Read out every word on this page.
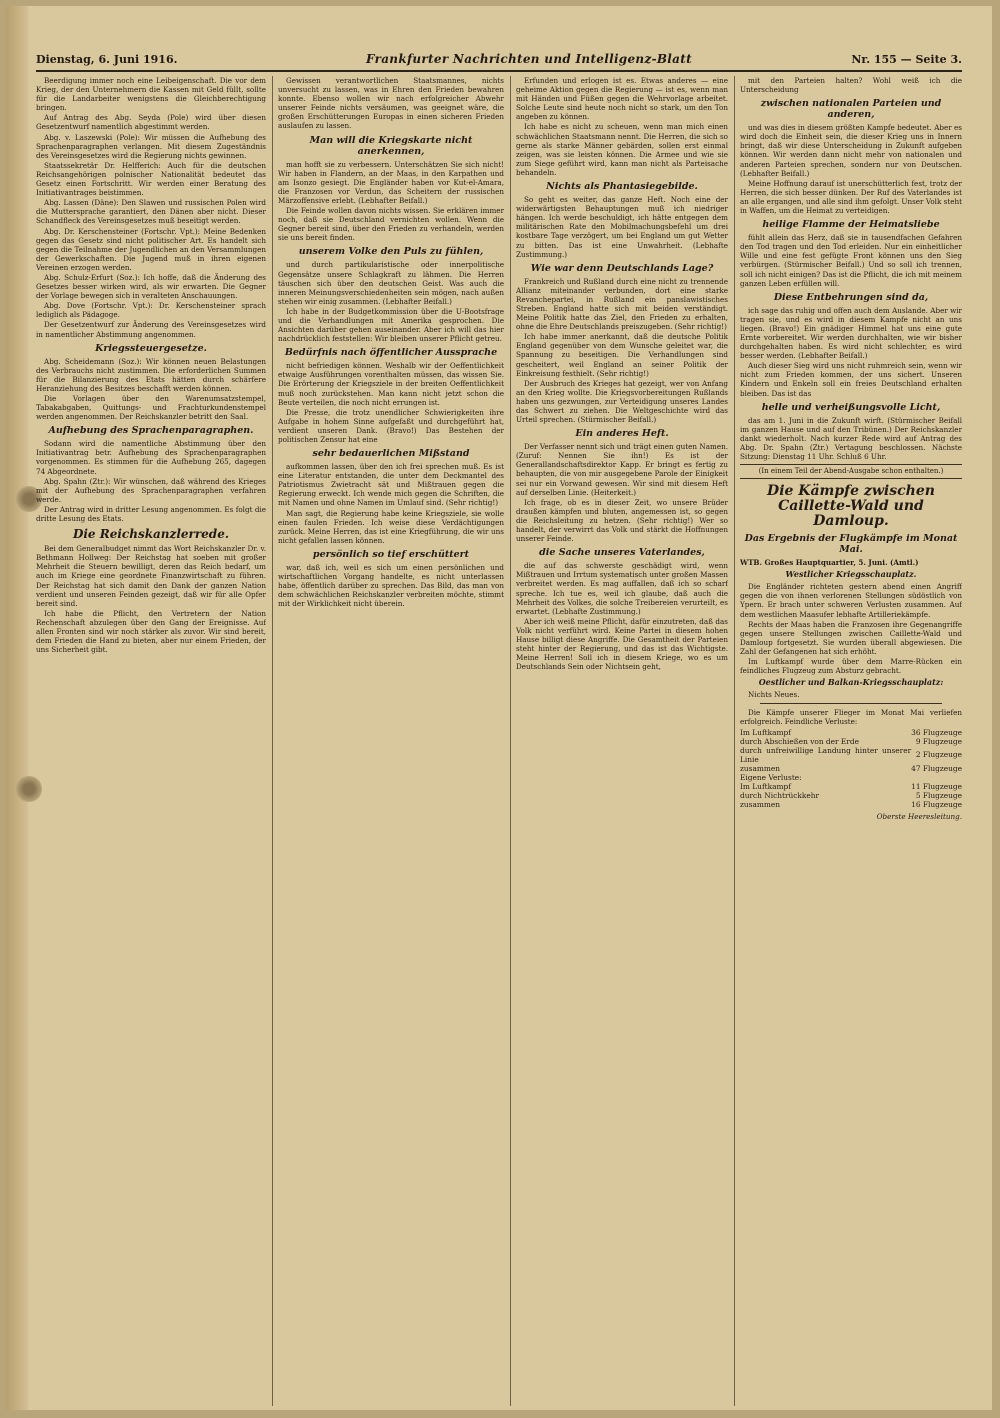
Dienstag, 6. Juni 1916.	Frankfurter Nachrichten und Intelligenz-Blatt	Nr. 155 — Seite 3.

Beerdigung immer noch eine Leibeigenschaft. Die vor dem Krieg, der den Unternehmern die Kassen mit Geld füllt, sollte für die Landarbeiter wenigstens die Gleichberechtigung bringen.

Auf Antrag des Abg. Seyda (Pole) wird über diesen Gesetzentwurf namentlich abgestimmt werden.

Abg. v. Laszewski (Pole): Wir müssen die Aufhebung des Sprachenparagraphen verlangen. Mit diesem Zugeständnis des Vereinsgesetzes wird die Regierung nichts gewinnen.

Staatssekretär Dr. Helfferich: Auch für die deutschen Reichsangehörigen polnischer Nationalität bedeutet das Gesetz einen Fortschritt. Wir werden einer Beratung des Initiativantrages beistimmen.

Abg. Lassen (Däne): Den Slawen und russischen Polen wird die Muttersprache garantiert, den Dänen aber nicht. Dieser Schandfleck des Vereinsgesetzes muß beseitigt werden.

Abg. Dr. Kerschensteiner (Fortschr. Vpt.): Meine Bedenken gegen das Gesetz sind nicht politischer Art. Es handelt sich gegen die Teilnahme der Jugendlichen an den Versammlungen der Gewerkschaften. Die Jugend muß in ihren eigenen Vereinen erzogen werden.

Abg. Schulz-Erfurt (Soz.): Ich hoffe, daß die Änderung des Gesetzes besser wirken wird, als wir erwarten. Die Gegner der Vorlage bewegen sich in veralteten Anschauungen.

Abg. Dove (Fortschr. Vpt.): Dr. Kerschensteiner sprach lediglich als Pädagoge.

Der Gesetzentwurf zur Änderung des Vereinsgesetzes wird in namentlicher Abstimmung angenommen.

Kriegssteuergesetze.

Abg. Scheidemann (Soz.): Wir können neuen Belastungen des Verbrauchs nicht zustimmen. Die erforderlichen Summen für die Bilanzierung des Etats hätten durch schärfere Heranziehung des Besitzes beschafft werden können.

Die Vorlagen über den Warenumsatzstempel, Tabakabgaben, Quittungs- und Frachturkundenstempel werden angenommen. Der Reichskanzler betritt den Saal.

Aufhebung des Sprachenparagraphen.

Sodann wird die namentliche Abstimmung über den Initiativantrag betr. Aufhebung des Sprachenparagraphen vorgenommen. Es stimmen für die Aufhebung 265, dagegen 74 Abgeordnete.

Abg. Spahn (Ztr.): Wir wünschen, daß während des Krieges mit der Aufhebung des Sprachenparagraphen verfahren werde.

Der Antrag wird in dritter Lesung angenommen. Es folgt die dritte Lesung des Etats.

Die Reichskanzlerrede.

Bei dem Generalbudget nimmt das Wort Reichskanzler Dr. v. Bethmann Hollweg: Der Reichstag hat soeben mit großer Mehrheit die Steuern bewilligt, deren das Reich bedarf, um auch im Kriege eine geordnete Finanzwirtschaft zu führen. Der Reichstag hat sich damit den Dank der ganzen Nation verdient und unseren Feinden gezeigt, daß wir für alle Opfer bereit sind.

Ich habe die Pflicht, den Vertretern der Nation Rechenschaft abzulegen über den Gang der Ereignisse. Auf allen Fronten sind wir noch stärker als zuvor. Wir sind bereit, dem Frieden die Hand zu bieten, aber nur einem Frieden, der uns Sicherheit gibt.

Gewissen verantwortlichen Staatsmannes, nichts unversucht zu lassen, was in Ehren den Frieden bewahren konnte. Ebenso wollen wir nach erfolgreicher Abwehr unserer Feinde nichts versäumen, was geeignet wäre, die großen Erschütterungen Europas in einen sicheren Frieden auslaufen zu lassen.

Man will die Kriegskarte nicht anerkennen,

man hofft sie zu verbessern. Unterschätzen Sie sich nicht! Wir haben in Flandern, an der Maas, in den Karpathen und am Isonzo gesiegt. Die Engländer haben vor Kut-el-Amara, die Franzosen vor Verdun, das Scheitern der russischen Märzoffensive erlebt. (Lebhafter Beifall.)

Die Feinde wollen davon nichts wissen. Sie erklären immer noch, daß sie Deutschland vernichten wollen. Wenn die Gegner bereit sind, über den Frieden zu verhandeln, werden sie uns bereit finden.

unserem Volke den Puls zu fühlen,

und durch partikularistische oder innerpolitische Gegensätze unsere Schlagkraft zu lähmen. Die Herren täuschen sich über den deutschen Geist. Was auch die inneren Meinungsverschiedenheiten sein mögen, nach außen stehen wir einig zusammen. (Lebhafter Beifall.)

Ich habe in der Budgetkommission über die U-Bootsfrage und die Verhandlungen mit Amerika gesprochen. Die Ansichten darüber gehen auseinander. Aber ich will das hier nachdrücklich feststellen: Wir bleiben unserer Pflicht getreu.

Bedürfnis nach öffentlicher Aussprache

nicht befriedigen können. Weshalb wir der Oeffentlichkeit etwaige Ausführungen vorenthalten müssen, das wissen Sie. Die Erörterung der Kriegsziele in der breiten Oeffentlichkeit muß noch zurückstehen. Man kann nicht jetzt schon die Beute verteilen, die noch nicht errungen ist.

Die Presse, die trotz unendlicher Schwierigkeiten ihre Aufgabe in hohem Sinne aufgefaßt und durchgeführt hat, verdient unseren Dank. (Bravo!) Das Bestehen der politischen Zensur hat eine

sehr bedauerlichen Mißstand

aufkommen lassen, über den ich frei sprechen muß. Es ist eine Literatur entstanden, die unter dem Deckmantel des Patriotismus Zwietracht sät und Mißtrauen gegen die Regierung erweckt. Ich wende mich gegen die Schriften, die mit Namen und ohne Namen im Umlauf sind. (Sehr richtig!)

Man sagt, die Regierung habe keine Kriegsziele, sie wolle einen faulen Frieden. Ich weise diese Verdächtigungen zurück. Meine Herren, das ist eine Kriegführung, die wir uns nicht gefallen lassen können.

persönlich so tief erschüttert

war, daß ich, weil es sich um einen persönlichen und wirtschaftlichen Vorgang handelte, es nicht unterlassen habe, öffentlich darüber zu sprechen. Das Bild, das man von dem schwächlichen Reichskanzler verbreiten möchte, stimmt mit der Wirklichkeit nicht überein.

Erfunden und erlogen ist es. Etwas anderes — eine geheime Aktion gegen die Regierung — ist es, wenn man mit Händen und Füßen gegen die Wehrvorlage arbeitet. Solche Leute sind heute noch nicht so stark, um den Ton angeben zu können.

Ich habe es nicht zu scheuen, wenn man mich einen schwächlichen Staatsmann nennt. Die Herren, die sich so gerne als starke Männer gebärden, sollen erst einmal zeigen, was sie leisten können. Die Armee und wie sie zum Siege geführt wird, kann man nicht als Parteisache behandeln.

Nichts als Phantasiegebilde.

So geht es weiter, das ganze Heft. Noch eine der widerwärtigsten Behauptungen muß ich niedriger hängen. Ich werde beschuldigt, ich hätte entgegen dem militärischen Rate den Mobilmachungsbefehl um drei kostbare Tage verzögert, um bei England um gut Wetter zu bitten. Das ist eine Unwahrheit. (Lebhafte Zustimmung.)

Wie war denn Deutschlands Lage?

Frankreich und Rußland durch eine nicht zu trennende Allianz miteinander verbunden, dort eine starke Revanchepartei, in Rußland ein panslawistisches Streben. England hatte sich mit beiden verständigt. Meine Politik hatte das Ziel, den Frieden zu erhalten, ohne die Ehre Deutschlands preiszugeben. (Sehr richtig!)

Ich habe immer anerkannt, daß die deutsche Politik England gegenüber von dem Wunsche geleitet war, die Spannung zu beseitigen. Die Verhandlungen sind gescheitert, weil England an seiner Politik der Einkreisung festhielt. (Sehr richtig!)

Der Ausbruch des Krieges hat gezeigt, wer von Anfang an den Krieg wollte. Die Kriegsvorbereitungen Rußlands haben uns gezwungen, zur Verteidigung unseres Landes das Schwert zu ziehen. Die Weltgeschichte wird das Urteil sprechen. (Stürmischer Beifall.)

Ein anderes Heft.

Der Verfasser nennt sich und trägt einen guten Namen. (Zuruf: Nennen Sie ihn!) Es ist der Generallandschaftsdirektor Kapp. Er bringt es fertig zu behaupten, die von mir ausgegebene Parole der Einigkeit sei nur ein Vorwand gewesen. Wir sind mit diesem Heft auf derselben Linie. (Heiterkeit.)

Ich frage, ob es in dieser Zeit, wo unsere Brüder draußen kämpfen und bluten, angemessen ist, so gegen die Reichsleitung zu hetzen. (Sehr richtig!) Wer so handelt, der verwirrt das Volk und stärkt die Hoffnungen unserer Feinde.

die Sache unseres Vaterlandes,

die auf das schwerste geschädigt wird, wenn Mißtrauen und Irrtum systematisch unter großen Massen verbreitet werden. Es mag auffallen, daß ich so scharf spreche. Ich tue es, weil ich glaube, daß auch die Mehrheit des Volkes, die solche Treibereien verurteilt, es erwartet. (Lebhafte Zustimmung.)

Aber ich weiß meine Pflicht, dafür einzutreten, daß das Volk nicht verführt wird. Keine Partei in diesem hohen Hause billigt diese Angriffe. Die Gesamtheit der Parteien steht hinter der Regierung, und das ist das Wichtigste. Meine Herren! Soll ich in diesem Kriege, wo es um Deutschlands Sein oder Nichtsein geht,

mit den Parteien halten? Wohl weiß ich die Unterscheidung

zwischen nationalen Parteien und anderen,

und was dies in diesem größten Kampfe bedeutet. Aber es wird doch die Einheit sein, die dieser Krieg uns in Innern bringt, daß wir diese Unterscheidung in Zukunft aufgeben können. Wir werden dann nicht mehr von nationalen und anderen Parteien sprechen, sondern nur von Deutschen. (Lebhafter Beifall.)

Meine Hoffnung darauf ist unerschütterlich fest, trotz der Herren, die sich besser dünken. Der Ruf des Vaterlandes ist an alle ergangen, und alle sind ihm gefolgt. Unser Volk steht in Waffen, um die Heimat zu verteidigen.

heilige Flamme der Heimatsliebe

fühlt allein das Herz, daß sie in tausendfachen Gefahren den Tod tragen und den Tod erleiden. Nur ein einheitlicher Wille und eine fest gefügte Front können uns den Sieg verbürgen. (Stürmischer Beifall.) Und so soll ich trennen, soll ich nicht einigen? Das ist die Pflicht, die ich mit meinem ganzen Leben erfüllen will.

Diese Entbehrungen sind da,

ich sage das ruhig und offen auch dem Auslande. Aber wir tragen sie, und es wird in diesem Kampfe nicht an uns liegen. (Bravo!) Ein gnädiger Himmel hat uns eine gute Ernte vorbereitet. Wir werden durchhalten, wie wir bisher durchgehalten haben. Es wird nicht schlechter, es wird besser werden. (Lebhafter Beifall.)

Auch dieser Sieg wird uns nicht ruhmreich sein, wenn wir nicht zum Frieden kommen, der uns sichert. Unseren Kindern und Enkeln soll ein freies Deutschland erhalten bleiben. Das ist das

helle und verheißungsvolle Licht,

das am 1. Juni in die Zukunft wirft. (Stürmischer Beifall im ganzen Hause und auf den Tribünen.) Der Reichskanzler dankt wiederholt. Nach kurzer Rede wird auf Antrag des Abg. Dr. Spahn (Ztr.) Vertagung beschlossen. Nächste Sitzung: Dienstag 11 Uhr. Schluß 6 Uhr.

(In einem Teil der Abend-Ausgabe schon enthalten.)
Die Kämpfe zwischen Caillette-Wald und Damloup.
Das Ergebnis der Flugkämpfe im Monat Mai.

WTB. Großes Hauptquartier, 5. Juni. (Amtl.)

Westlicher Kriegsschauplatz.

Die Engländer richteten gestern abend einen Angriff gegen die von ihnen verlorenen Stellungen südöstlich von Ypern. Er brach unter schweren Verlusten zusammen. Auf dem westlichen Maasufer lebhafte Artilleriekämpfe.

Rechts der Maas haben die Franzosen ihre Gegenangriffe gegen unsere Stellungen zwischen Caillette-Wald und Damloup fortgesetzt. Sie wurden überall abgewiesen. Die Zahl der Gefangenen hat sich erhöht.

Im Luftkampf wurde über dem Marre-Rücken ein feindliches Flugzeug zum Absturz gebracht.

Oestlicher und Balkan-Kriegsschauplatz:

Nichts Neues.

Die Kämpfe unserer Flieger im Monat Mai verliefen erfolgreich. Feindliche Verluste:

Im Luftkampf	36 Flugzeuge
durch Abschießen von der Erde	9 Flugzeuge
durch unfreiwillige Landung hinter unserer Linie	2 Flugzeuge
zusammen	47 Flugzeuge
Eigene Verluste:	
Im Luftkampf	11 Flugzeuge
durch Nichtrückkehr	5 Flugzeuge
zusammen	16 Flugzeuge
Oberste Heeresleitung.
